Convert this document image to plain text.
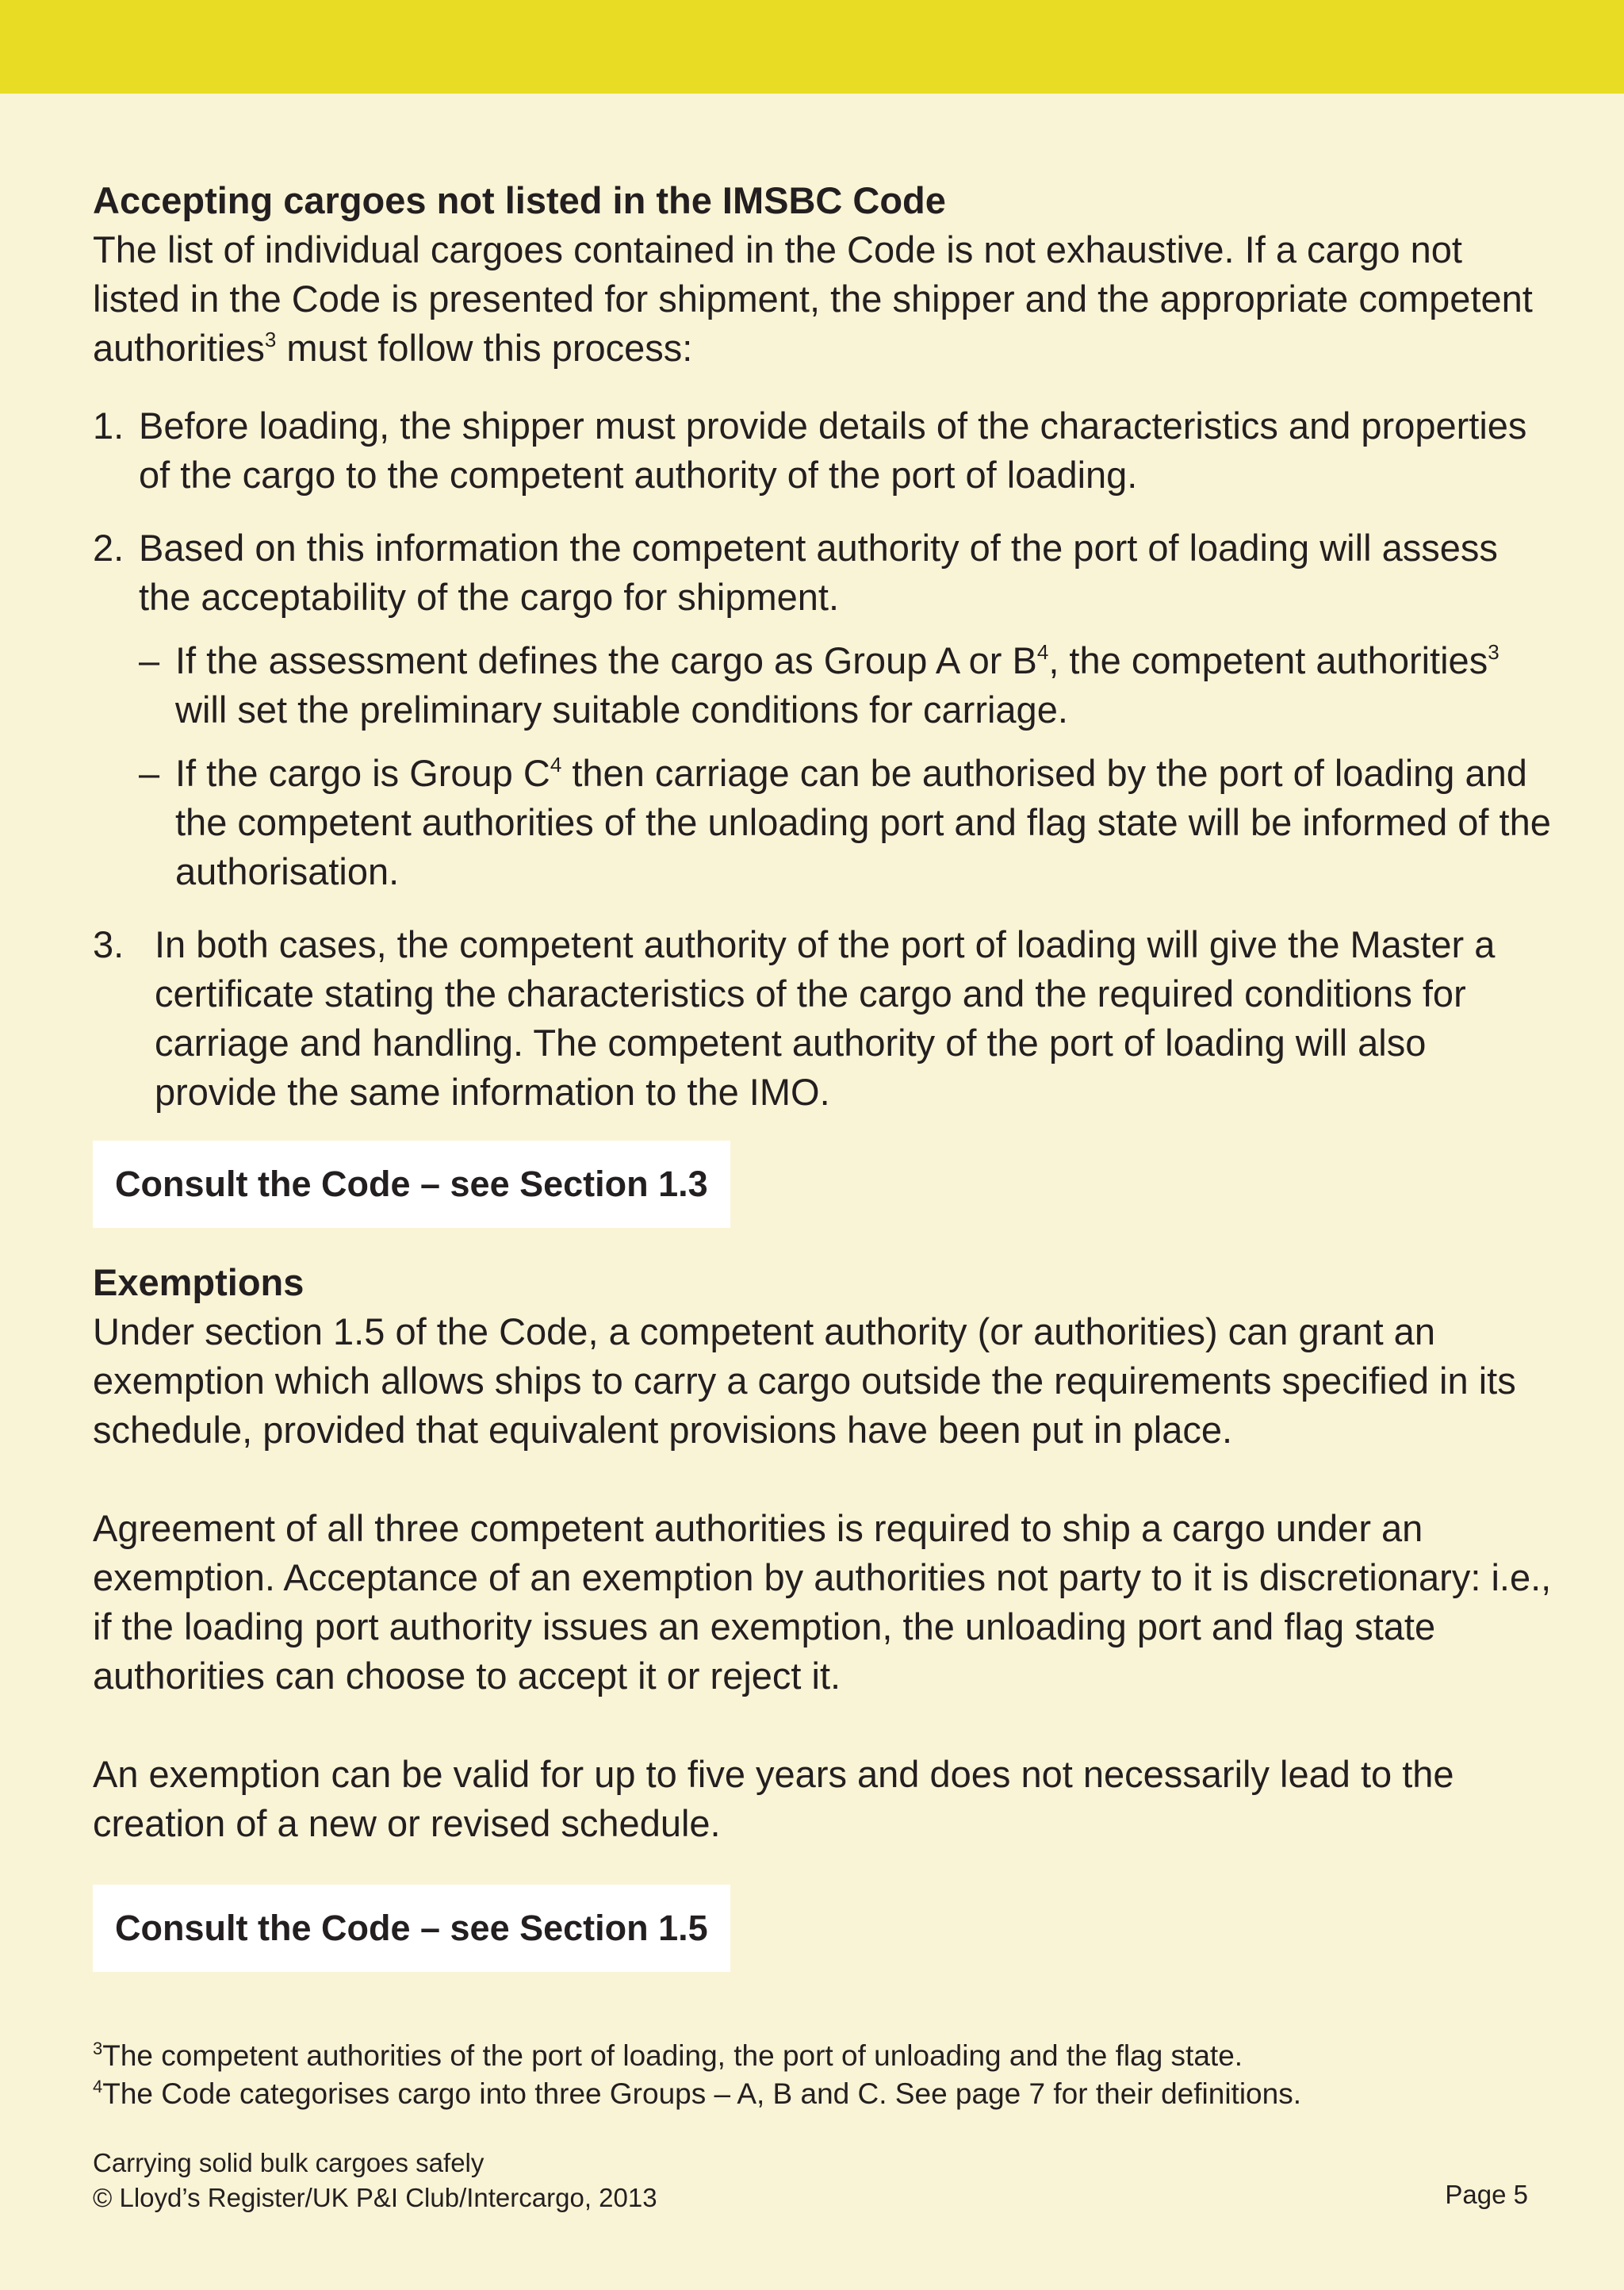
Accepting cargoes not listed in the IMSBC Code

The list of individual cargoes contained in the Code is not exhaustive. If a cargo not listed in the Code is presented for shipment, the shipper and the appropriate competent authorities$^3$ must follow this process:

1. Before loading, the shipper must provide details of the characteristics and properties of the cargo to the competent authority of the port of loading.
2. Based on this information the competent authority of the port of loading will assess the acceptability of the cargo for shipment.
– If the assessment defines the cargo as Group A or $B^4$, the competent authorities$^3$ will set the preliminary suitable conditions for carriage.
– If the cargo is Group $C^4$ then carriage can be authorised by the port of loading and the competent authorities of the unloading port and flag state will be informed of the authorisation.
3. In both cases, the competent authority of the port of loading will give the Master a certificate stating the characteristics of the cargo and the required conditions for carriage and handling. The competent authority of the port of loading will also provide the same information to the IMO.
Consult the Code – see Section 1.3
Exemptions

Under section 1.5 of the Code, a competent authority (or authorities) can grant an exemption which allows ships to carry a cargo outside the requirements specified in its schedule, provided that equivalent provisions have been put in place.

Agreement of all three competent authorities is required to ship a cargo under an exemption. Acceptance of an exemption by authorities not party to it is discretionary: i.e., if the loading port authority issues an exemption, the unloading port and flag state authorities can choose to accept it or reject it.

An exemption can be valid for up to five years and does not necessarily lead to the creation of a new or revised schedule.

Consult the Code – see Section 1.5

$^3$The competent authorities of the port of loading, the port of unloading and the flag state.

$^4$The Code categorises cargo into three Groups – A, B and C. See page 7 for their definitions.

Carrying solid bulk cargoes safely

© Lloyd’s Register/UK P&I Club/Intercargo, 2013	Page 5
